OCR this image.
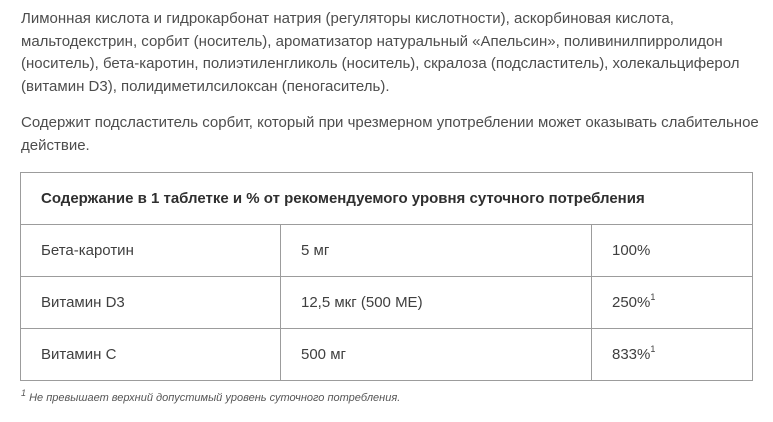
Лимонная кислота и гидрокарбонат натрия (регуляторы кислотности), аскорбиновая кислота, мальтодекстрин, сорбит (носитель), ароматизатор натуральный «Апельсин», поливинилпирролидон (носитель), бета-каротин, полиэтиленгликоль (носитель), скралоза (подсластитель), холекальциферол (витамин D3), полидиметилсилоксан (пеногаситель).

Содержит подсластитель сорбит, который при чрезмерном употреблении может оказывать слабительное действие.

Содержание в 1 таблетке и % от рекомендуемого уровня суточного потребления		
Бета-каротин	5 мг	100%
Витамин D3	12,5 мкг (500 МЕ)	250%$^1$
Витамин С	500 мг	833%$^1$

$^1$ Не превышает верхний допустимый уровень суточного потребления.
